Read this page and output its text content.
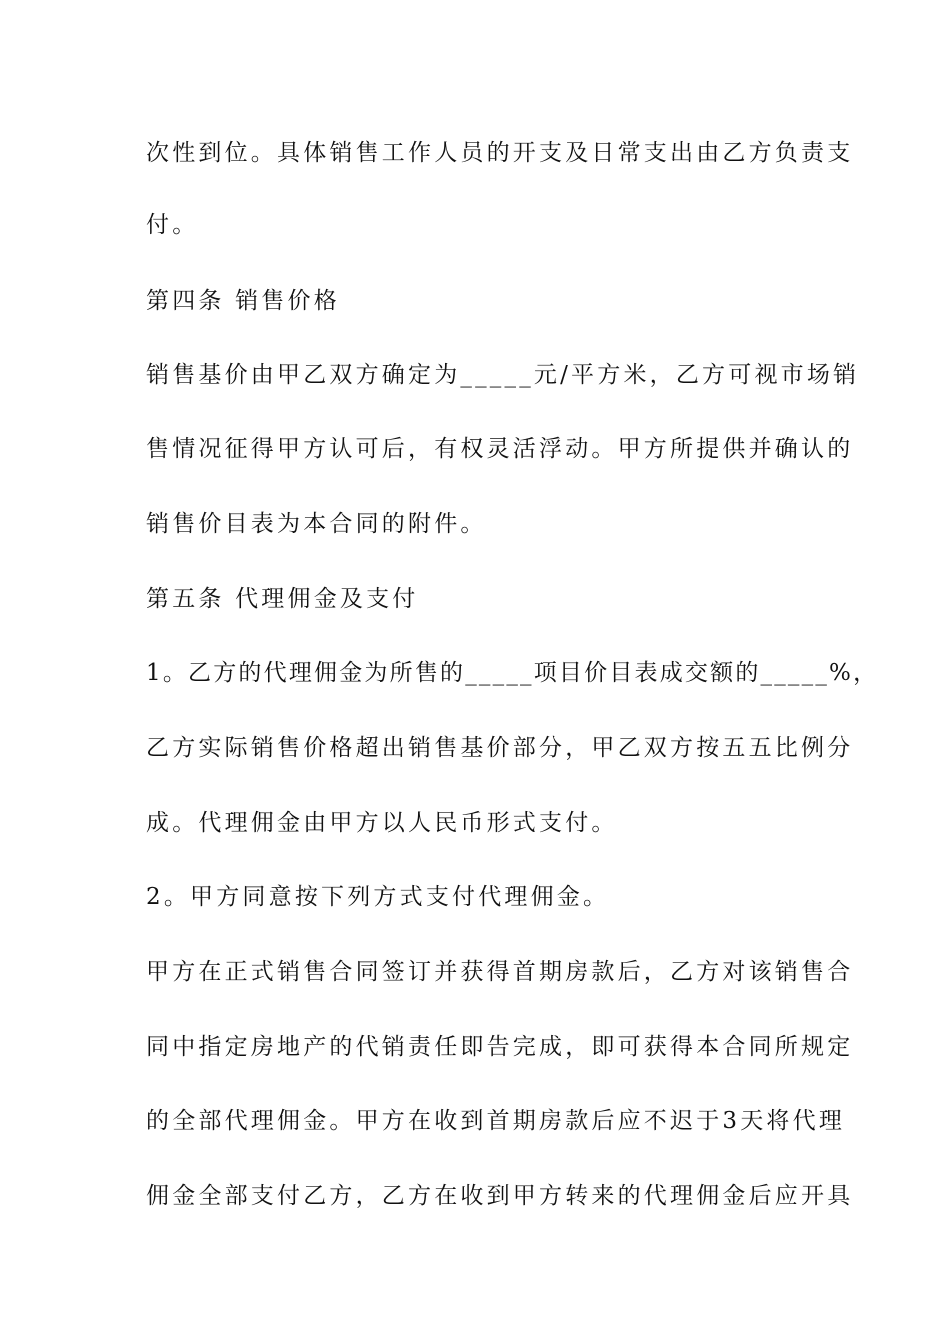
次性到位。具体销售工作人员的开支及日常支出由乙方负责支
付。
第四条 销售价格
销售基价由甲乙双方确定为_____元/平方米，乙方可视市场销
售情况征得甲方认可后，有权灵活浮动。甲方所提供并确认的
销售价目表为本合同的附件。
第五条 代理佣金及支付
1。乙方的代理佣金为所售的_____项目价目表成交额的_____%，
乙方实际销售价格超出销售基价部分，甲乙双方按五五比例分
成。代理佣金由甲方以人民币形式支付。
2。甲方同意按下列方式支付代理佣金。
甲方在正式销售合同签订并获得首期房款后，乙方对该销售合
同中指定房地产的代销责任即告完成，即可获得本合同所规定
的全部代理佣金。甲方在收到首期房款后应不迟于3天将代理
佣金全部支付乙方，乙方在收到甲方转来的代理佣金后应开具
